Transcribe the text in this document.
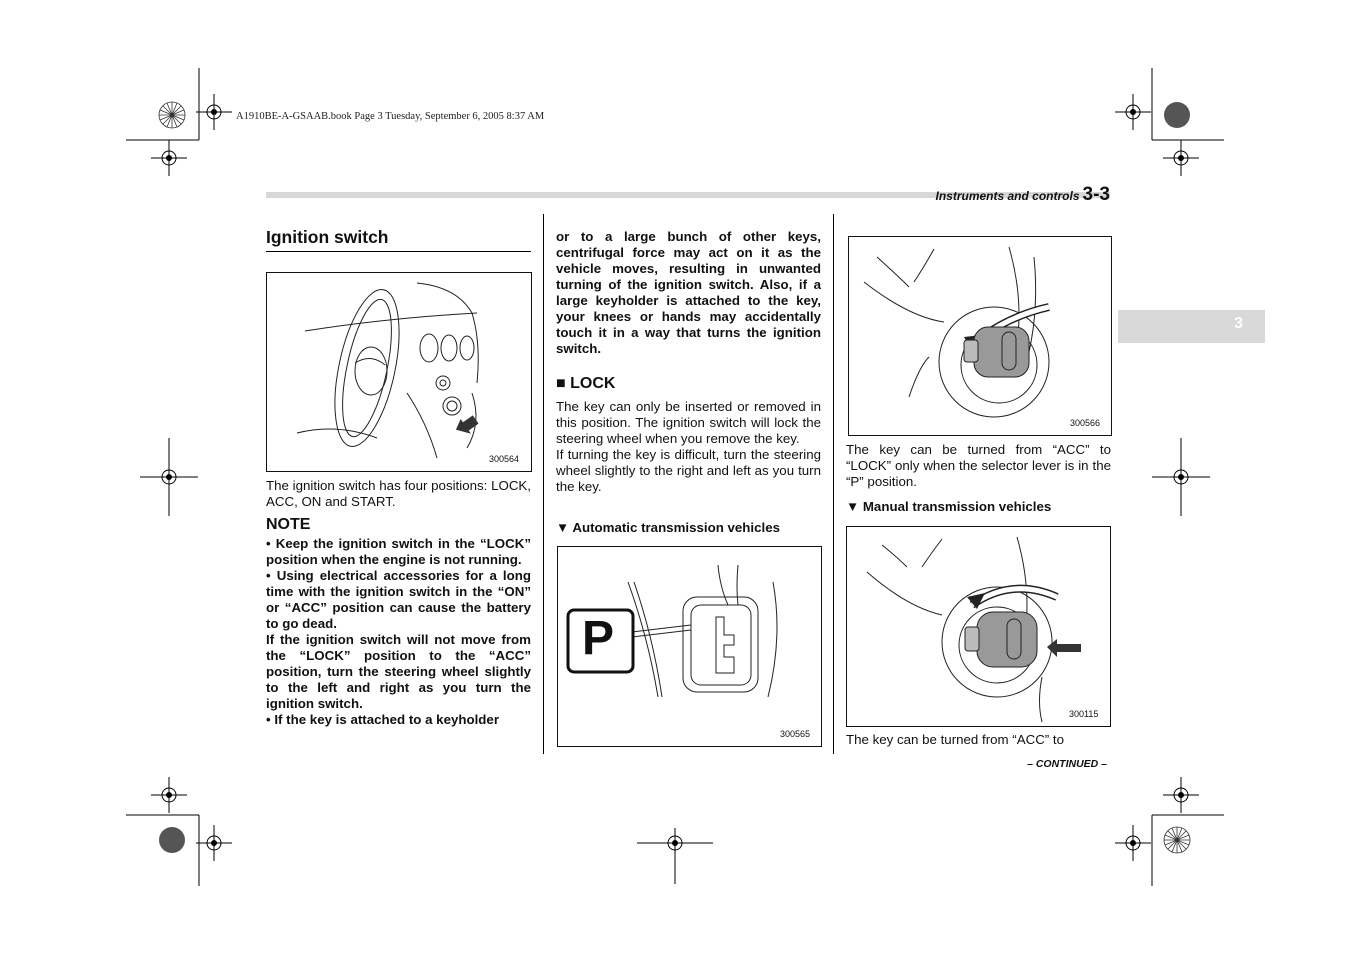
A1910BE-A-GSAAB.book Page 3 Tuesday, September 6, 2005 8:37 AM
Instruments and controls 3-3
3
Ignition switch
300564
The ignition switch has four positions: LOCK, ACC, ON and START.
NOTE
• Keep the ignition switch in the “LOCK” position when the engine is not running.
• Using electrical accessories for a long time with the ignition switch in the “ON” or “ACC” position can cause the battery to go dead.
If the ignition switch will not move from the “LOCK” position to the “ACC” position, turn the steering wheel slightly to the left and right as you turn the ignition switch.
• If the key is attached to a keyholder
or to a large bunch of other keys, centrifugal force may act on it as the vehicle moves, resulting in unwanted turning of the ignition switch. Also, if a large keyholder is attached to the key, your knees or hands may accidentally touch it in a way that turns the ignition switch.
■ LOCK
The key can only be inserted or removed in this position. The ignition switch will lock the steering wheel when you remove the key.
If turning the key is difficult, turn the steering wheel slightly to the right and left as you turn the key.
▼ Automatic transmission vehicles
P
300565
300566
The key can be turned from “ACC” to “LOCK” only when the selector lever is in the “P” position.
▼ Manual transmission vehicles
300115
The key can be turned from “ACC” to
– CONTINUED –
